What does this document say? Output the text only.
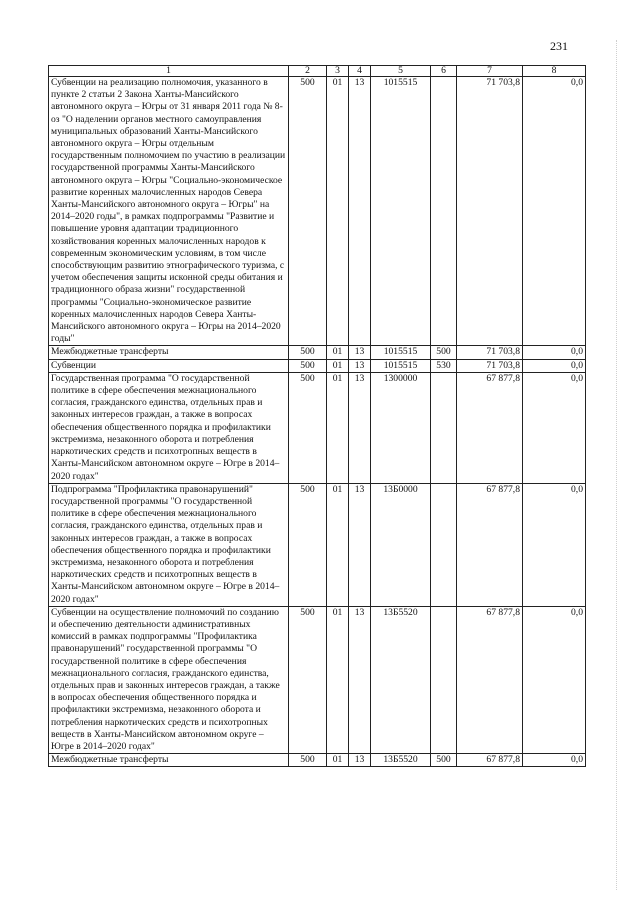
231
1	2	3	4	5	6	7	8
Субвенции на реализацию полномочия, указанного в пункте 2 статьи 2 Закона Ханты-Мансийского автономного округа – Югры от 31 января 2011 года № 8-оз "О наделении органов местного самоуправления муниципальных образований Ханты-Мансийского автономного округа – Югры отдельным государственным полномочием по участию в реализации государственной программы Ханты-Мансийского автономного округа – Югры "Социально-экономическое развитие коренных малочисленных народов Севера Ханты-Мансийского автономного округа – Югры" на 2014–2020 годы", в рамках подпрограммы "Развитие и повышение уровня адаптации традиционного хозяйствования коренных малочисленных народов к современным экономическим условиям, в том числе способствующим развитию этнографического туризма, с учетом обеспечения защиты исконной среды обитания и традиционного образа жизни" государственной программы "Социально-экономическое развитие коренных малочисленных народов Севера Ханты-Мансийского автономного округа – Югры на 2014–2020 годы"	500	01	13	1015515		71 703,8	0,0
Межбюджетные трансферты	500	01	13	1015515	500	71 703,8	0,0
Субвенции	500	01	13	1015515	530	71 703,8	0,0
Государственная программа "О государственной политике в сфере обеспечения межнационального согласия, гражданского единства, отдельных прав и законных интересов граждан, а также в вопросах обеспечения общественного порядка и профилактики экстремизма, незаконного оборота и потребления наркотических средств и психотропных веществ в Ханты-Мансийском автономном округе – Югре в 2014–2020 годах"	500	01	13	1300000		67 877,8	0,0
Подпрограмма "Профилактика правонарушений" государственной программы "О государственной политике в сфере обеспечения межнационального согласия, гражданского единства, отдельных прав и законных интересов граждан, а также в вопросах обеспечения общественного порядка и профилактики экстремизма, незаконного оборота и потребления наркотических средств и психотропных веществ в Ханты-Мансийском автономном округе – Югре в 2014–2020 годах"	500	01	13	13Б0000		67 877,8	0,0
Субвенции на осуществление полномочий по созданию и обеспечению деятельности административных комиссий в рамках подпрограммы "Профилактика правонарушений" государственной программы "О государственной политике в сфере обеспечения межнационального согласия, гражданского единства, отдельных прав и законных интересов граждан, а также в вопросах обеспечения общественного порядка и профилактики экстремизма, незаконного оборота и потребления наркотических средств и психотропных веществ в Ханты-Мансийском автономном округе – Югре в 2014–2020 годах"	500	01	13	13Б5520		67 877,8	0,0
Межбюджетные трансферты	500	01	13	13Б5520	500	67 877,8	0,0
